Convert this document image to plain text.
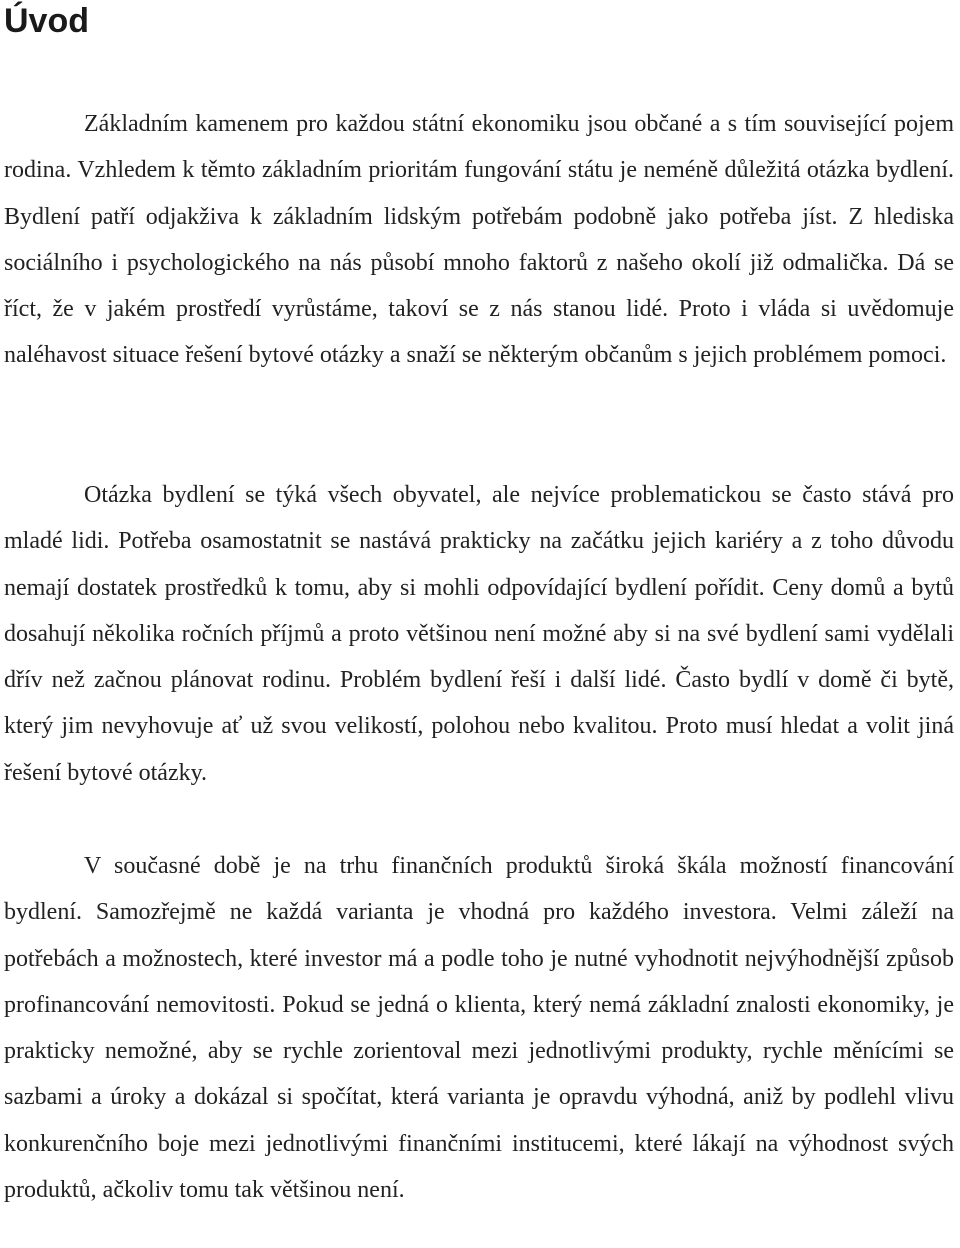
Úvod

Základním kamenem pro každou státní ekonomiku jsou občané a s tím související pojem rodina. Vzhledem k těmto základním prioritám fungování státu je neméně důležitá otázka bydlení. Bydlení patří odjakživa k základním lidským potřebám podobně jako potřeba jíst. Z hlediska sociálního i psychologického na nás působí mnoho faktorů z našeho okolí již odmalička. Dá se říct, že v jakém prostředí vyrůstáme, takoví se z nás stanou lidé. Proto i vláda si uvědomuje naléhavost situace řešení bytové otázky a snaží se některým občanům s jejich problémem pomoci.

Otázka bydlení se týká všech obyvatel, ale nejvíce problematickou se často stává pro mladé lidi. Potřeba osamostatnit se nastává prakticky na začátku jejich kariéry a z toho důvodu nemají dostatek prostředků k tomu, aby si mohli odpovídající bydlení pořídit. Ceny domů a bytů dosahují několika ročních příjmů a proto většinou není možné aby si na své bydlení sami vydělali dřív než začnou plánovat rodinu. Problém bydlení řeší i další lidé. Často bydlí v domě či bytě, který jim nevyhovuje ať už svou velikostí, polohou nebo kvalitou. Proto musí hledat a volit jiná řešení bytové otázky.

V současné době je na trhu finančních produktů široká škála možností financování bydlení. Samozřejmě ne každá varianta je vhodná pro každého investora. Velmi záleží na potřebách a možnostech, které investor má a podle toho je nutné vyhodnotit nejvýhodnější způsob profinancování nemovitosti. Pokud se jedná o klienta, který nemá základní znalosti ekonomiky, je prakticky nemožné, aby se rychle zorientoval mezi jednotlivými produkty, rychle měnícími se sazbami a úroky a dokázal si spočítat, která varianta je opravdu výhodná, aniž by podlehl vlivu konkurenčního boje mezi jednotlivými finančními institucemi, které lákají na výhodnost svých produktů, ačkoliv tomu tak většinou není.
